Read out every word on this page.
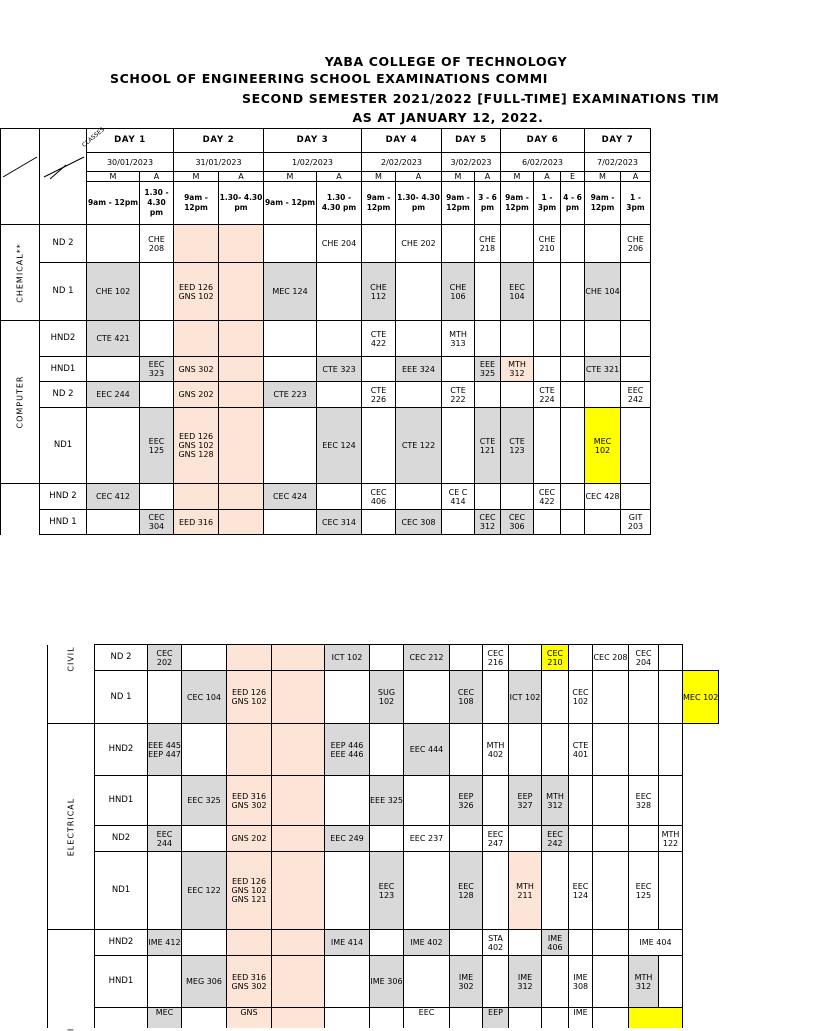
YABA COLLEGE OF TECHNOLOGY
SCHOOL OF ENGINEERING SCHOOL EXAMINATIONS COMMI
SECOND SEMESTER 2021/2022 [FULL-TIME] EXAMINATIONS TIM
AS AT JANUARY 12, 2022.

CLASSES	DAY 1		DAY 2		DAY 3		DAY 4		DAY 5		DAY 6			DAY 7	
		30/01/2023		31/01/2023		1/02/2023		2/02/2023		3/02/2023		6/02/2023			7/02/2023	
		M	A	M	A	M	A	M	A	M	A	M	A	E	M	A
		9am - 12pm	1.30 - 4.30 pm	9am - 12pm	1.30- 4.30 pm	9am - 12pm	1.30 - 4.30 pm	9am - 12pm	1.30- 4.30 pm	9am - 12pm	3 - 6 pm	9am - 12pm	1 - 3pm	4 - 6 pm	9am - 12pm	1 - 3pm

CHEMICAL**	ND 2		CHE 208				CHE 204		CHE 202		CHE 218		CHE 210			CHE 206
	ND 1	CHE 102		EED 126 GNS 102		MEC 124		CHE 112		CHE 106		EEC 104			CHE 104	

COMPUTER	HND2	CTE 421						CTE 422		MTH 313						
	HND1		EEC 323	GNS 302			CTE 323		EEE 324		EEE 325	MTH 312			CTE 321	
	ND 2	EEC 244		GNS 202		CTE 223		CTE 226		CTE 222			CTE 224			EEC 242
	ND1		EEC 125	EED 126 GNS 102 GNS 128			EEC 124		CTE 122		CTE 121	CTE 123			MEC 102	
	HND 2	CEC 412				CEC 424		CEC 406		CE C 414			CEC 422		CEC 428	
	HND 1		CEC 304	EED 316			CEC 314		CEC 308		CEC 312	CEC 306				GIT 203
CIVIL	ND 2	CEC 202				ICT 102		CEC 212		CEC 216		CEC 210		CEC 208	CEC 204		
	ND 1		CEC 104	EED 126 GNS 102			SUG 102		CEC 108		ICT 102		CEC 102				MEC 102

ELECTRICAL	HND2	EEE 445 EEP 447				EEP 446 EEE 446		EEC 444		MTH 402			CTE 401				
	HND1		EEC 325	EED 316 GNS 302			EEE 325		EEP 326		EEP 327	MTH 312			EEC 328		
	ND2	EEC 244		GNS 202		EEC 249		EEC 237		EEC 247		EEC 242				MTH 122	
	ND1		EEC 122	EED 126 GNS 102 GNS 121			EEC 123		EEC 128		MTH 211		EEC 124		EEC 125		

I	HND2	IME 412				IME 414		IME 402		STA 402		IME 406			IME 404		
	HND1		MEG 306	EED 316 GNS 302			IME 306		IME 302		IME 312		IME 308		MTH 312		
		MEC		GNS				EEC		EEP			IME				
